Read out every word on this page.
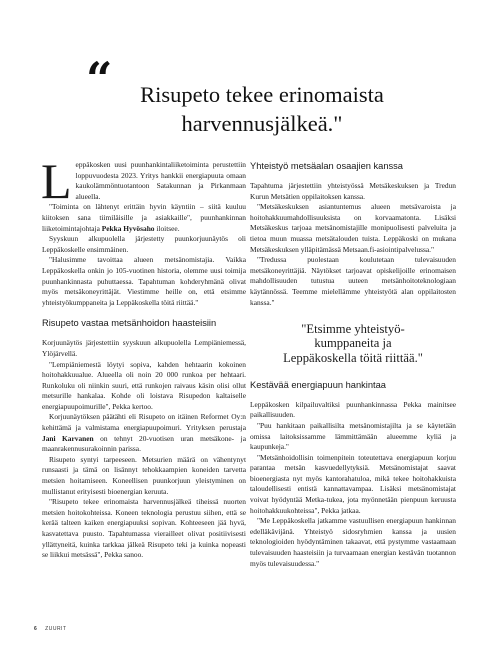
“	Risupeto tekee erinomaista
harvennusjälkeä."

Leppäkosken uusi puunhankintaliiketoiminta perustettiin loppuvuodesta 2023. Yritys hankkii energiapuuta omaan kaukolämmöntuotantoon Satakunnan ja Pirkanmaan alueella.

"Toiminta on lähtenyt erittäin hyvin käyntiin – siitä kuuluu kiitoksen sana tiimiläisille ja asiakkaille", puunhankinnan liiketoimintajohtaja Pekka Hyvösaho iloitsee.

Syyskuun alkupuolella järjestetty puunkorjuunäytös oli Leppäkoskelle ensimmäinen.

"Halusimme tavoittaa alueen metsänomistajia. Vaikka Leppäkoskella onkin jo 105-vuotinen historia, olemme uusi toimija puunhankinnasta puhuttaessa. Tapahtuman kohderyhmänä olivat myös metsäkoneyrittäjät. Viestimme heille on, että etsimme yhteistyökumppaneita ja Leppäkoskella töitä riittää."

Risupeto vastaa metsänhoidon haasteisiin

Korjuunäytös järjestettiin syyskuun alkupuolella Lempiäniemessä, Ylöjärvellä.

"Lempiäniemestä löytyi sopiva, kahden hehtaarin kokoinen hoitohakkuualue. Alueella oli noin 20 000 runkoa per hehtaari. Runkoluku oli niinkin suuri, että runkojen raivaus käsin olisi ollut metsurille hankalaa. Kohde oli loistava Risupedon kaltaiselle energiapuupoimurille", Pekka kertoo.

Korjuunäytöksen päätähti eli Risupeto on itäinen Reformet Oy:n kehittämä ja valmistama energiapuupoimuri. Yrityksen perustaja Jani Karvanen on tehnyt 20-vuotisen uran metsäkone- ja maanrakennusurakoinnin parissa.

Risupeto syntyi tarpeeseen. Metsurien määrä on vähentynyt runsaasti ja tämä on lisännyt tehokkaampien koneiden tarvetta metsien hoitamiseen. Koneellisen puunkorjuun yleistyminen on mullistanut erityisesti bioenergian keruuta.

"Risupeto tekee erinomaista harvennusjälkeä tiheissä nuorten metsien hoitokohteissa. Koneen teknologia perustuu siihen, että se kerää talteen kaiken energiapuuksi sopivan. Kohteeseen jää hyvä, kasvatettava puusto. Tapahtumassa vierailleet olivat positiivisesti yllättyneitä, kuinka tarkkaa jälkeä Risupeto teki ja kuinka nopeasti se liikkui metsässä", Pekka sanoo.

Yhteistyö metsäalan osaajien kanssa

Tapahtuma järjestettiin yhteistyössä Metsäkeskuksen ja Tredun Kurun Metsätien oppilaitoksen kanssa.

"Metsäkeskuksen asiantuntemus alueen metsävaroista ja hoitohakkuumahdollisuuksista on korvaamatonta. Lisäksi Metsäkeskus tarjoaa metsänomistajille monipuolisesti palveluita ja tietoa muun muassa metsätalouden tuista. Leppäkoski on mukana Metsäkeskuksen ylläpitämässä Metsaan.fi-asiointipalvelussa."

"Tredussa puolestaan koulutetaan tulevaisuuden metsäkoneyrittäjiä. Näytökset tarjoavat opiskelijoille erinomaisen mahdollisuuden tutustua uuteen metsänhoitoteknologiaan käytännössä. Teemme mielellämme yhteistyötä alan oppilaitosten kanssa."

"Etsimme yhteistyö-
kumppaneita ja
Leppäkoskella töitä riittää."
Kestävää energiapuun hankintaa

Leppäkosken kilpailuvaltiksi puunhankinnassa Pekka mainitsee paikallisuuden.

"Puu hankitaan paikallisilta metsänomistajilta ja se käytetään omissa laitoksissamme lämmittämään alueemme kyliä ja kaupunkeja."

"Metsänhoidollisin toimenpitein toteutettava energiapuun korjuu parantaa metsän kasvuedellytyksiä. Metsänomistajat saavat bioenergiasta nyt myös kantorahatuloa, mikä tekee hoitohakkuista taloudellisesti entistä kannattavampaa. Lisäksi metsänomistajat voivat hyödyntää Metka-tukea, jota myönnetään pienpuun keruusta hoitohakkuukohteissa", Pekka jatkaa.

"Me Leppäkoskella jatkamme vastuullisen energiapuun hankinnan edelläkävijänä. Yhteistyö sidosryhmien kanssa ja uusien teknologioiden hyödyntäminen takaavat, että pystymme vastaamaan tulevaisuuden haasteisiin ja turvaamaan energian kestävän tuotannon myös tulevaisuudessa."

6 ZUURIT
